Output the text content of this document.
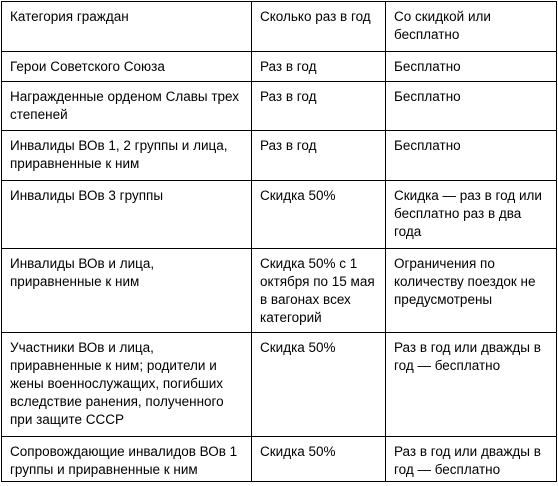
Категория граждан	Сколько раз в год	Со скидкой или бесплатно

Герои Советского Союза	Раз в год	Бесплатно

Награжденные орденом Славы трех степеней	Раз в год	Бесплатно

Инвалиды ВОв 1, 2 группы и лица, приравненные к ним	Раз в год	Бесплатно

Инвалиды ВОв 3 группы	Скидка 50%	Скидка — раз в год или бесплатно раз в два года

Инвалиды ВОв и лица, приравненные к ним	Скидка 50% с 1 октября по 15 мая в вагонах всех категорий	Ограничения по количеству поездок не предусмотрены

Участники ВОв и лица, приравненные к ним; родители и жены военнослужащих, погибших вследствие ранения, полученного при защите СССР	Скидка 50%	Раз в год или дважды в год — бесплатно

Сопровождающие инвалидов ВОв 1 группы и приравненные к ним	Скидка 50%	Раз в год или дважды в год — бесплатно
